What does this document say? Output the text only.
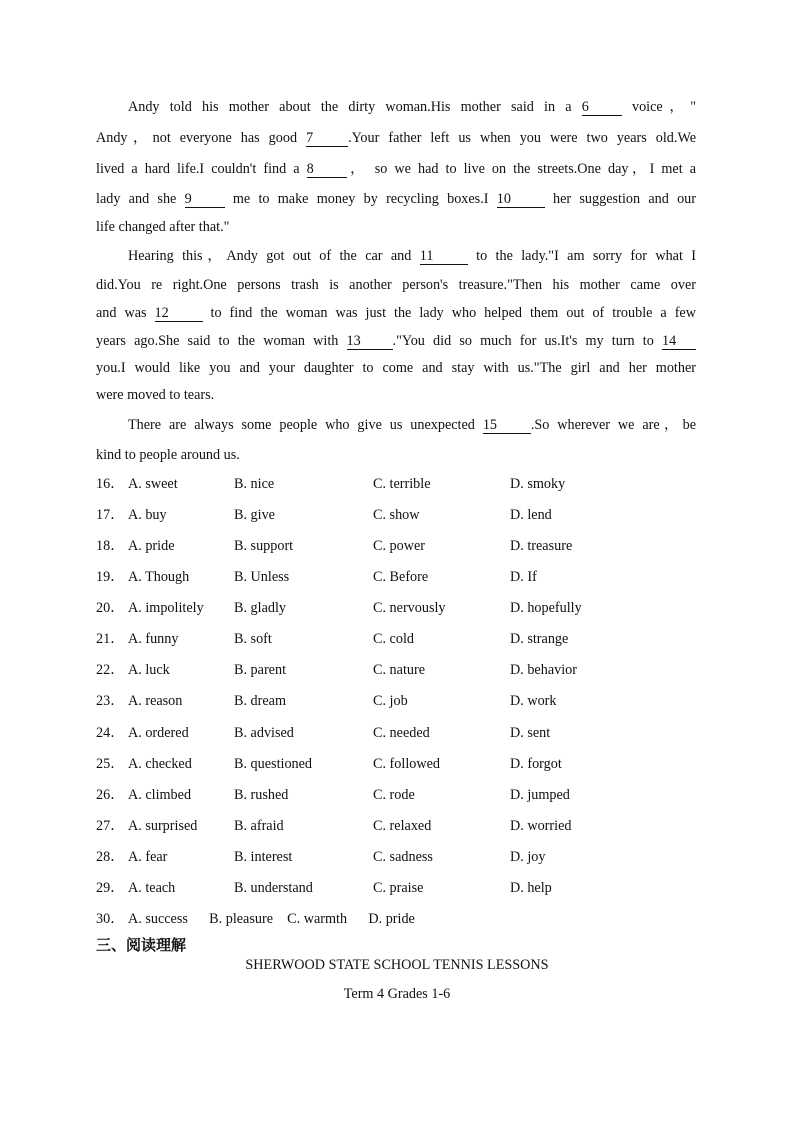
Andy told his mother about the dirty woman.His mother said in a 6 voice，"
Andy，not everyone has good 7 .Your father left us when you were two years old.We
lived a hard life.I couldn't find a 8 ， so we had to live on the streets.One day，I met a
lady and she 9 me to make money by recycling boxes.I 10 her suggestion and our
life changed after that."
Hearing this，Andy got out of the car and 11 to the lady."I am sorry for what I
did.You re right.One persons trash is another person's treasure."Then his mother came over
and was 12 to find the woman was just the lady who helped them out of trouble a few
years ago.She said to the woman with 13 ."You did so much for us.It's my turn to 14
you.I would like you and your daughter to come and stay with us."The girl and her mother
were moved to tears.
There are always some people who give us unexpected 15 .So wherever we are，be
kind to people around us.
16． A. sweet	B. nice	C. terrible	D. smoky
17． A. buy	B. give	C. show	D. lend
18． A. pride	B. support	C. power	D. treasure
19． A. Though	B. Unless	C. Before	D. If
20． A. impolitely B. gladly	C. nervously	D. hopefully
21． A. funny	B. soft	C. cold	D. strange
22． A. luck	B. parent	C. nature	D. behavior
23． A. reason	B. dream	C. job	D. work
24． A. ordered	B. advised	C. needed	D. sent
25． A. checked	B. questioned	C. followed	D. forgot
26． A. climbed	B. rushed	C. rode	D. jumped
27． A. surprised	B. afraid	C. relaxed	D. worried
28． A. fear	B. interest	C. sadness	D. joy
29． A. teach	B. understand	C. praise	D. help
30． A. success      B. pleasure    C. warmth      D. pride
三、阅读理解
SHERWOOD STATE SCHOOL TENNIS LESSONS
Term 4 Grades 1-6
